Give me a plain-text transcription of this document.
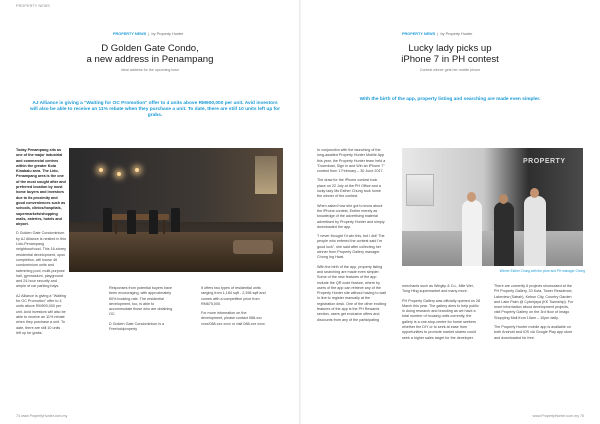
PROPERTY NEWS
PROPERTY NEWS  |  by Property Hunter
D Golden Gate Condo,
a new address in Penampang
Ideal address for the upcoming town
AJ Alliance is giving a "Waiting for OC Promotion" offer to 4 units above RM900,000 per unit. Avid investors will also be able to receive an 11% rebate when they purchase a unit. To date, there are still 10 units left up for grabs.

Today Penampang sits as one of the major industrial and commercial centres within the greater Kota Kinabalu area. The Lido-Penampang area is the one of the most sought after and preferred location by most home buyers and investors due to its proximity and good conveniences such as schools, clinics/hospitals, supermarkets/shopping malls, eateries, hotels and airport.

D Golden Gate Condominium by AJ Alliance is nestled in this Lido-Penampang neighbourhood. This 16-storey residential development, upon completion, will house 46 condominium units and swimming pool, multi-purpose hall, gymnasium, playground and 24-hour security and ample of car parking bays.

AJ Alliance is giving a "Waiting for OC Promotion" offer to 4 units above RM900,000 per unit. Avid investors will also be able to receive an 11% rebate when they purchase a unit. To date, there are still 10 units left up for grabs.

Responses from potential buyers have been encouraging, with approximately 60% booking rate. The residential development, too, is able to accommodate those who are obtaining OC.

D Golden Gate Condominium is a Freeholdproperty

It offers two types of residential units ranging from 1,184 sqft - 2,398 sqft and comes with a competitive price from RM675,000.

For more information on the development, please contact 088-xxx xxxx/088-xxx xxxx or visit 088-xxx xxxx.

74 www.PropertyHunter.com.my
PROPERTY NEWS  |  by Property Hunter
Lucky lady picks up
iPhone 7 in PH contest
Contest winner gets her mobile phone
With the birth of the app, property listing and searching are made even simpler.

In conjunction with the launching of the long-awaited Property Hunter Mobile App this year, the Property Hunter team held a "Download, Sign in and Win an iPhone 7" contest from 1 February – 30 June 2017.

The draw for the iPhone contest took place on 22 July at the PH Office and a lucky lady Ms Esther Chung took home the winner of the contest.

When asked how she got to know about the iPhone contest, Esther merely as knowledge of the advertising material advertised by Property Hunter and simply downloaded the app.

"I never thought I'd win this, but I did! The people who entered the contest said I'm good luck", she said after collecting her winner from Property Gallery manager Chong Ing Hwai.

With the birth of the app, property listing and searching are made even simpler. Some of the new features of the app include the QR code feature, where by users of the app can retrieve any of the Property Hunter site without having to wait in line to register manually at the registration desk. One of the other exciting features of the app is the PH Rewards section, users get exclusive offers and discounts from any of the participating

PROPERTY
Winner Esther Chung with the prize and PH manager Chong

merchants such as Wingtip & Co., Mile Wei, Tong Hing supermarket and many more.

PH Property Gallery was officially opened on 28 March this year. The gallery aims to help public in doing research and branding as we have a total number of housing units currently, the gallery is a one-stop-centre for home seekers whether the DIY or to seek at ease from opportunities to promote market shares could seek a higher sales target for the developer.

There are currently 6 projects showcased at the PH Property Gallery, 33 Kota, Tower Residence, Lakeview (Sabah), Kebun City, Country Garden and Lake Palm @ Cyberjaya (KK Township). For more information about development projects, visit Property Gallery on the 3rd floor of Imago Shopping Mall from 10am – 10pm daily.

The Property Hunter mobile app is available on both Android and iOS via Google Play app store and downloaded for free.

www.PropertyHunter.com.my 75
